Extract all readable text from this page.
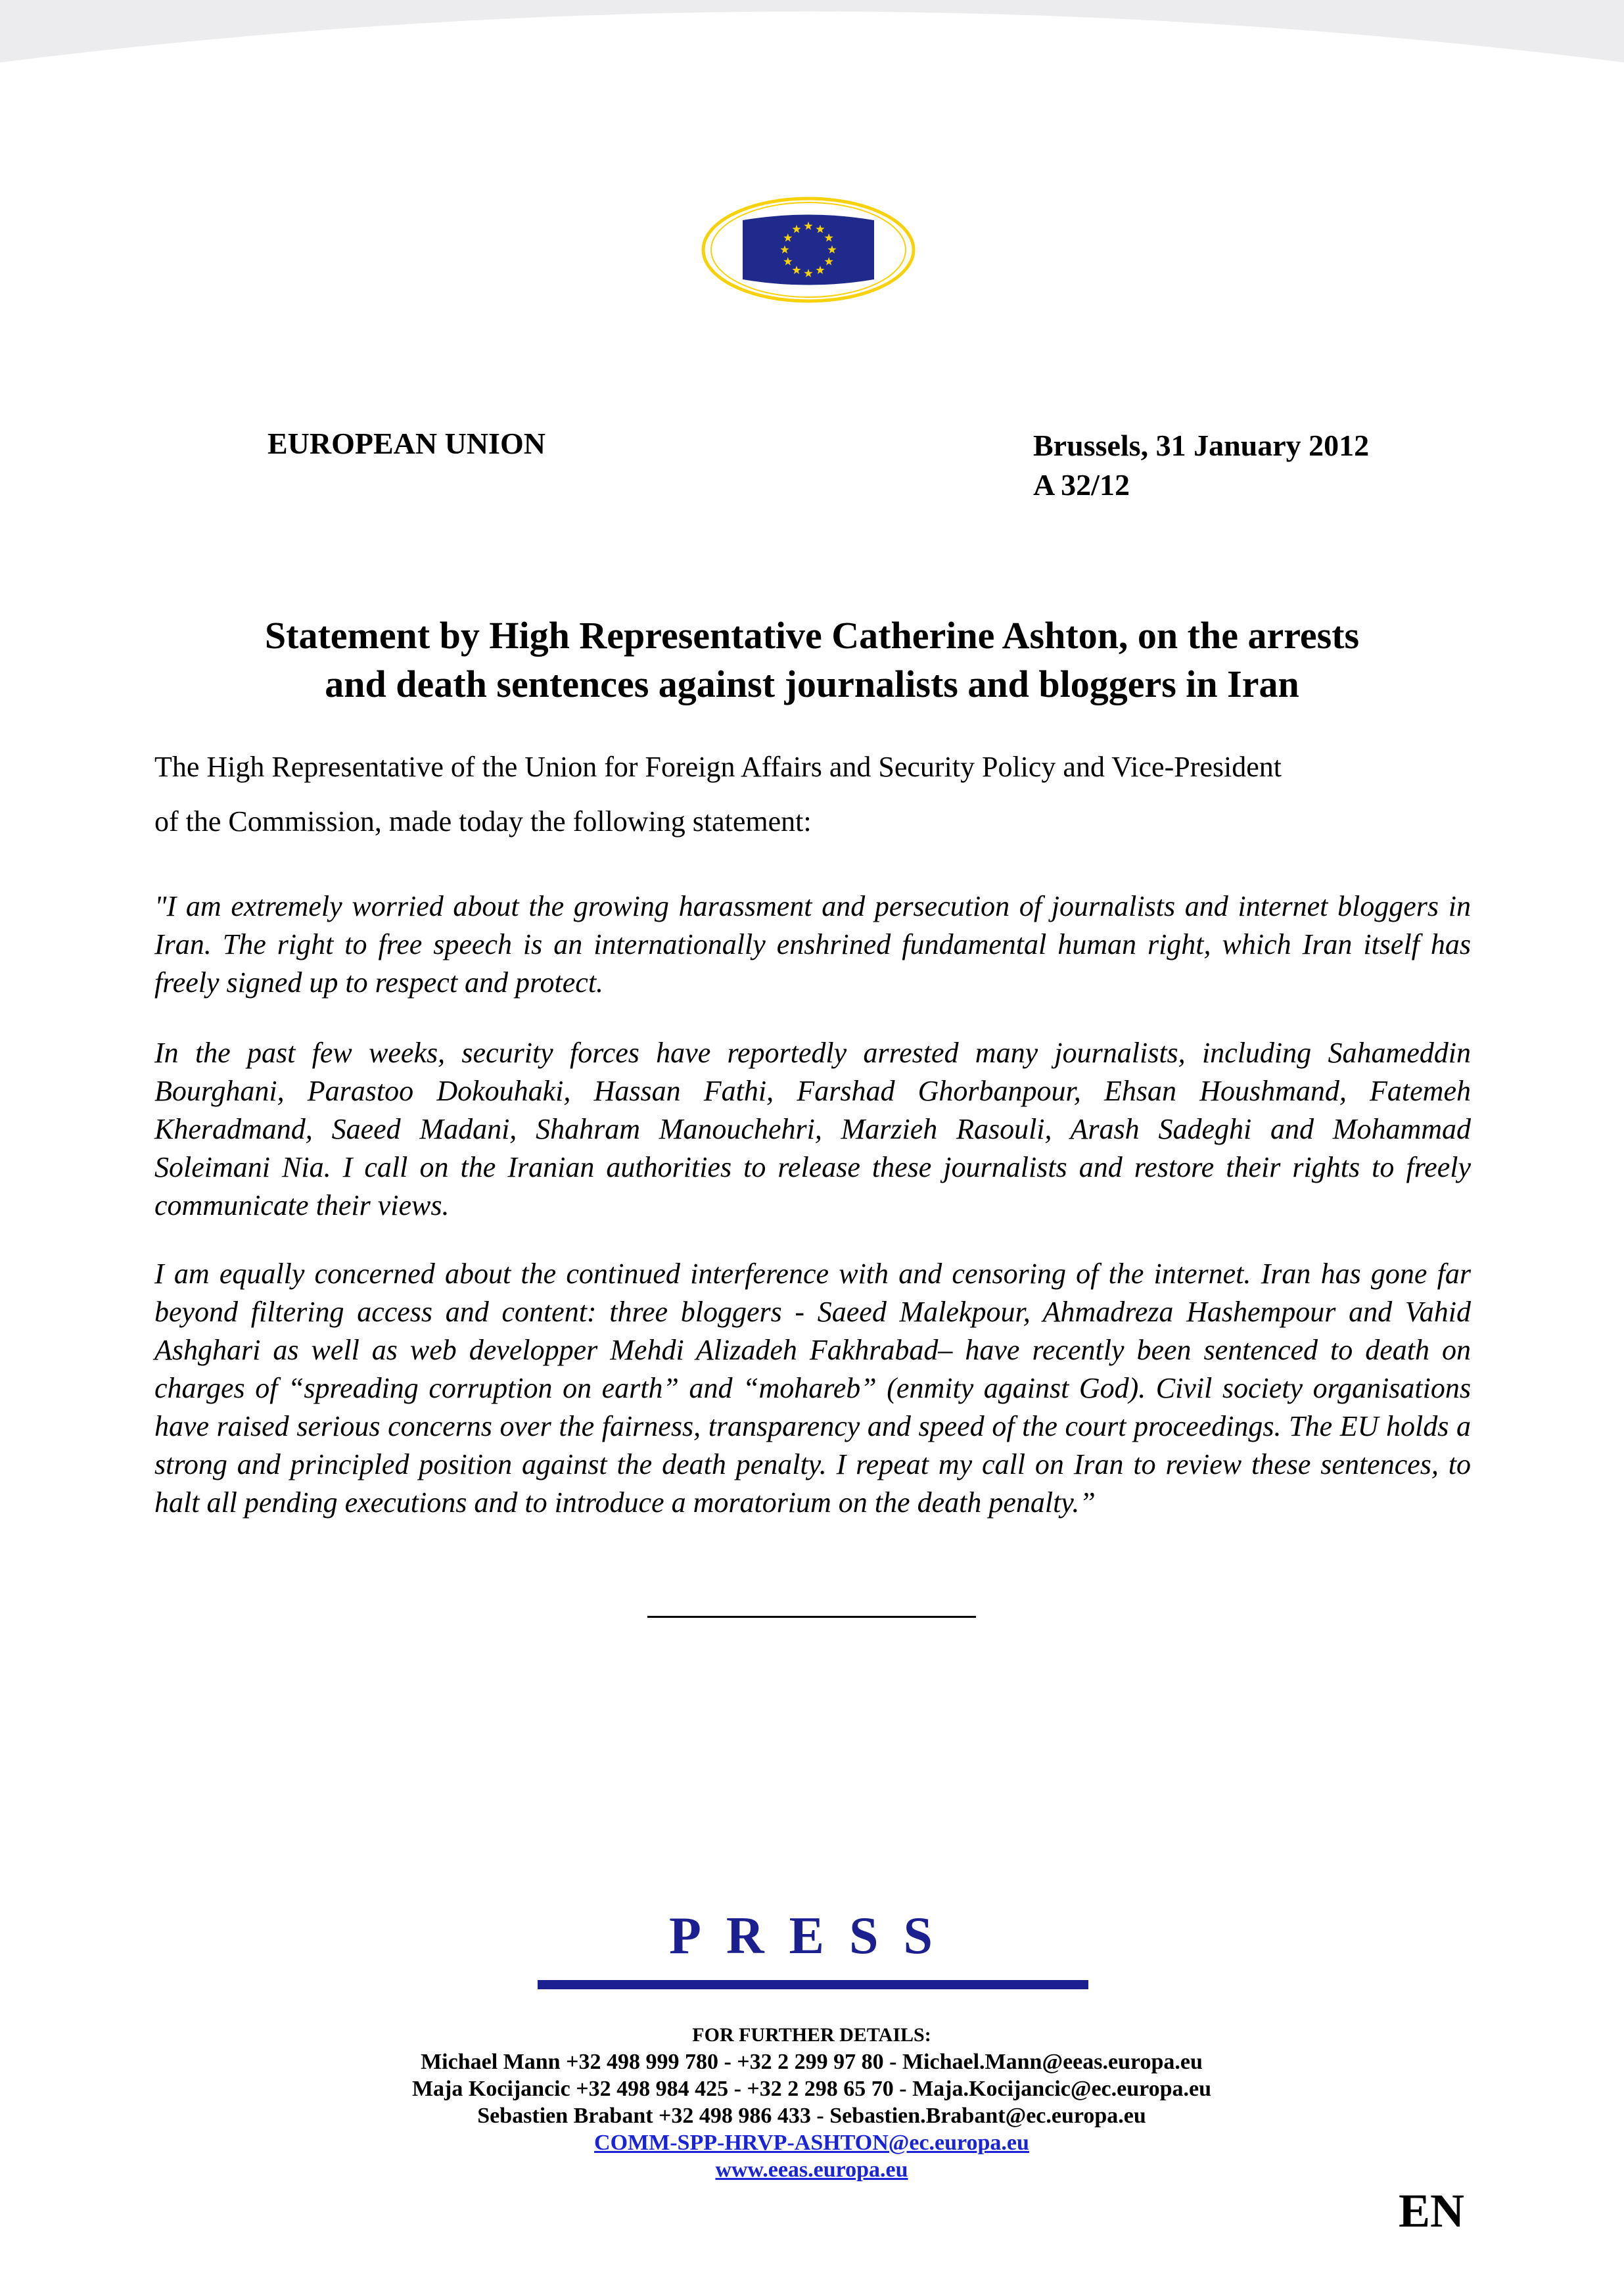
EUROPEAN UNION	Brussels, 31 January 2012
A 32/12
Statement by High Representative Catherine Ashton, on the arrests
and death sentences against journalists and bloggers in Iran
The High Representative of the Union for Foreign Affairs and Security Policy and Vice-President
of the Commission, made today the following statement:

"I am extremely worried about the growing harassment and persecution of journalists and internet bloggers in Iran. The right to free speech is an internationally enshrined fundamental human right, which Iran itself has freely signed up to respect and protect.

In the past few weeks, security forces have reportedly arrested many journalists, including Sahameddin Bourghani, Parastoo Dokouhaki, Hassan Fathi, Farshad Ghorbanpour, Ehsan Houshmand, Fatemeh Kheradmand, Saeed Madani, Shahram Manouchehri, Marzieh Rasouli, Arash Sadeghi and Mohammad Soleimani Nia. I call on the Iranian authorities to release these journalists and restore their rights to freely communicate their views.

I am equally concerned about the continued interference with and censoring of the internet. Iran has gone far beyond filtering access and content: three bloggers - Saeed Malekpour, Ahmadreza Hashempour and Vahid Ashghari as well as web developper Mehdi Alizadeh Fakhrabad– have recently been sentenced to death on charges of “spreading corruption on earth” and “mohareb” (enmity against God). Civil society organisations have raised serious concerns over the fairness, transparency and speed of the court proceedings. The EU holds a strong and principled position against the death penalty. I repeat my call on Iran to review these sentences, to halt all pending executions and to introduce a moratorium on the death penalty.”

PRESS
FOR FURTHER DETAILS:
Michael Mann +32 498 999 780 - +32 2 299 97 80 - Michael.Mann@eeas.europa.eu
Maja Kocijancic +32 498 984 425 - +32 2 298 65 70 - Maja.Kocijancic@ec.europa.eu
Sebastien Brabant +32 498 986 433 - Sebastien.Brabant@ec.europa.eu
COMM-SPP-HRVP-ASHTON@ec.europa.eu
www.eeas.europa.eu
EN
